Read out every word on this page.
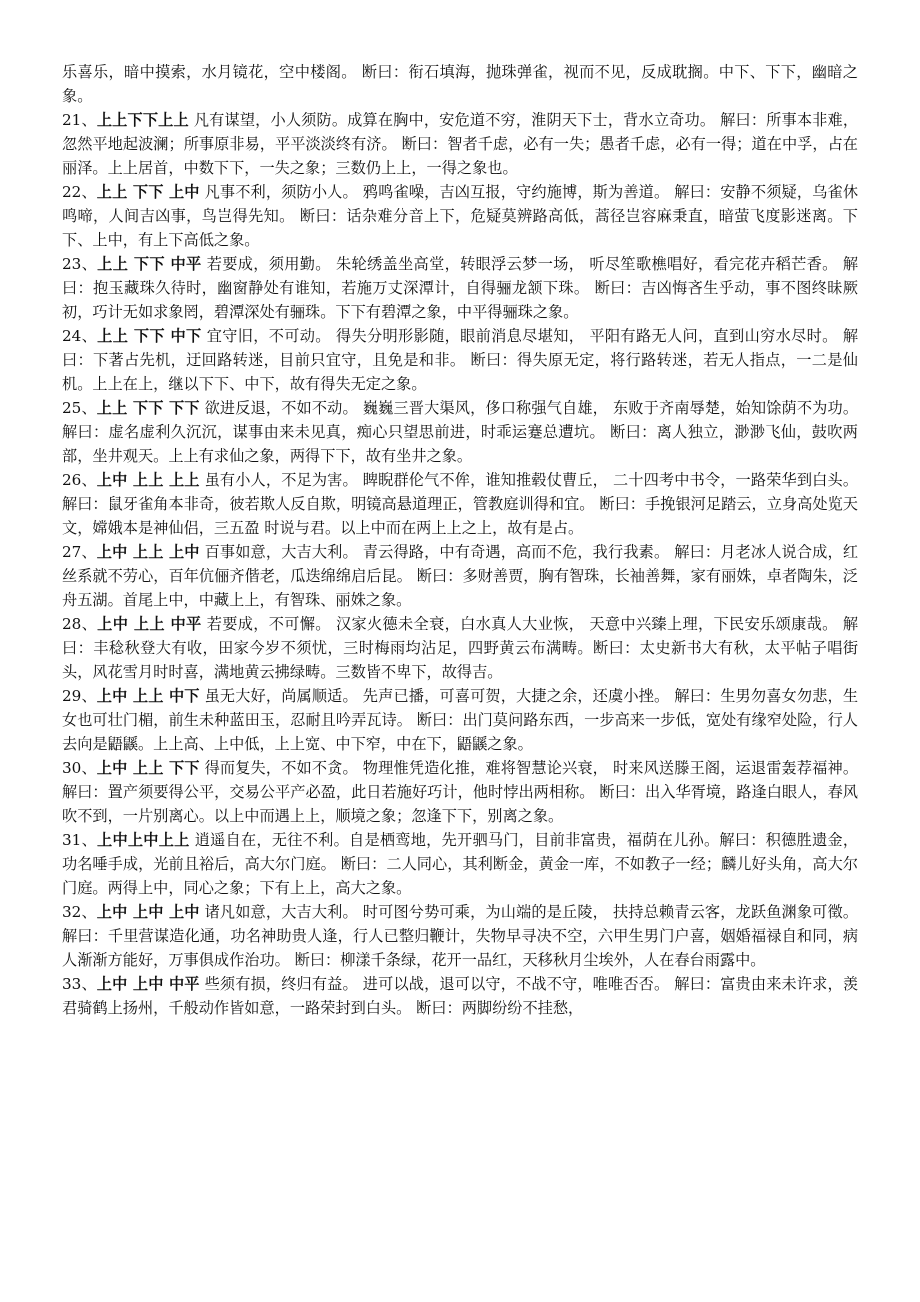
乐喜乐，暗中摸索，水月镜花，空中楼阁。 断曰：衔石填海，抛珠弹雀，视而不见，反成耽搁。中下、下下，幽暗之象。

21、上上下下上上 凡有谋望，小人须防。成算在胸中，安危道不穷，淮阴天下士，背水立奇功。 解曰：所事本非难，忽然平地起波澜；所事原非易，平平淡淡终有济。 断曰：智者千虑，必有一失；愚者千虑，必有一得；道在中孚，占在丽泽。上上居首，中数下下，一失之象；三数仍上上，一得之象也。

22、上上 下下 上中 凡事不利，须防小人。 鸦鸣雀噪，吉凶互报，守约施博，斯为善道。 解曰：安静不须疑，乌雀休鸣啼，人间吉凶事，鸟岂得先知。 断曰：话杂难分音上下，危疑莫辨路高低，蒿径岂容麻秉直，暗萤飞度影迷离。下下、上中，有上下高低之象。

23、上上 下下 中平 若要成，须用勤。 朱轮绣盖坐高堂，转眼浮云梦一场， 听尽笙歌樵唱好，看完花卉稻芒香。 解曰：抱玉藏珠久待时，幽窗静处有谁知，若施万丈深潭计，自得骊龙颔下珠。 断曰：吉凶悔吝生乎动，事不图终昧厥初，巧计无如求象罔，碧潭深处有骊珠。下下有碧潭之象，中平得骊珠之象。

24、上上 下下 中下 宜守旧，不可动。 得失分明形影随，眼前消息尽堪知， 平阳有路无人问，直到山穷水尽时。 解曰：下著占先机，迂回路转迷，目前只宜守，且免是和非。 断曰：得失原无定，将行路转迷，若无人指点，一二是仙机。上上在上，继以下下、中下，故有得失无定之象。

25、上上 下下 下下 欲进反退，不如不动。 巍巍三晋大渠风，侈口称强气自雄， 东败于齐南辱楚，始知馀荫不为功。 解曰：虚名虚利久沉沉，谋事由来未见真，痴心只望思前进，时乖运蹇总遭坑。 断曰：离人独立，渺渺飞仙，鼓吹两部，坐井观天。上上有求仙之象，两得下下，故有坐井之象。

26、上中 上上 上上 虽有小人，不足为害。 睥睨群伦气不侔，谁知推毂仗曹丘， 二十四考中书令，一路荣华到白头。 解曰：鼠牙雀角本非奇，彼若欺人反自欺，明镜高悬道理正，管教庭训得和宜。 断曰：手挽银河足踏云，立身高处览天文，嫦娥本是神仙侣，三五盈 时说与君。以上中而在两上上之上，故有是占。

27、上中 上上 上中 百事如意，大吉大利。 青云得路，中有奇遇，高而不危，我行我素。 解曰：月老冰人说合成，红丝系就不劳心，百年伉俪齐偕老，瓜迭绵绵启后昆。 断曰：多财善贾，胸有智珠，长袖善舞，家有丽姝，卓者陶朱，泛舟五湖。首尾上中，中藏上上，有智珠、丽姝之象。

28、上中 上上 中平 若要成，不可懈。 汉家火德未全衰，白水真人大业恢， 天意中兴臻上理，下民安乐颂康哉。 解曰：丰稔秋登大有收，田家今岁不须忧，三时梅雨均沾足，四野黄云布满畴。断曰：太史新书大有秋，太平帖子唱街头，风花雪月时时喜，满地黄云拂绿畴。三数皆不卑下，故得吉。

29、上中 上上 中下 虽无大好，尚属顺适。 先声已播，可喜可贺，大捷之余，还虞小挫。 解曰：生男勿喜女勿悲，生女也可壮门楣，前生未种蓝田玉，忍耐且吟弄瓦诗。 断曰：出门莫问路东西，一步高来一步低，宽处有缘窄处险，行人去向是鼯鼷。上上高、上中低，上上宽、中下窄，中在下，鼯鼷之象。

30、上中 上上 下下 得而复失，不如不贪。 物理惟凭造化推，难将智慧论兴衰， 时来风送滕王阁，运退雷轰荐福神。 解曰：置产须要得公平，交易公平产必盈，此日若施好巧计，他时悖出两相称。 断曰：出入华胥境，路逢白眼人，春风吹不到，一片别离心。以上中而遇上上，顺境之象；忽逢下下，别离之象。

31、上中上中上上 逍遥自在，无往不利。自是栖鸾地，先开驷马门，目前非富贵，福荫在儿孙。解曰：积德胜遗金，功名唾手成，光前且裕后，高大尔门庭。 断曰：二人同心，其利断金，黄金一库，不如教子一经；麟儿好头角，高大尔门庭。两得上中，同心之象；下有上上，高大之象。

32、上中 上中 上中 诸凡如意，大吉大利。 时可图兮势可乘，为山端的是丘陵， 扶持总赖青云客，龙跃鱼渊象可徵。 解曰：千里营谋造化通，功名神助贵人逢，行人已整归鞭计，失物早寻决不空，六甲生男门户喜，姻婚福禄自和同，病人渐渐方能好，万事俱成作治功。 断曰：柳漾千条绿，花开一品红，天移秋月尘埃外，人在春台雨露中。

33、上中 上中 中平 些须有损，终归有益。 进可以战，退可以守，不战不守，唯唯否否。 解曰：富贵由来未许求，羡君骑鹤上扬州，千般动作皆如意，一路荣封到白头。 断曰：两脚纷纷不挂愁，
